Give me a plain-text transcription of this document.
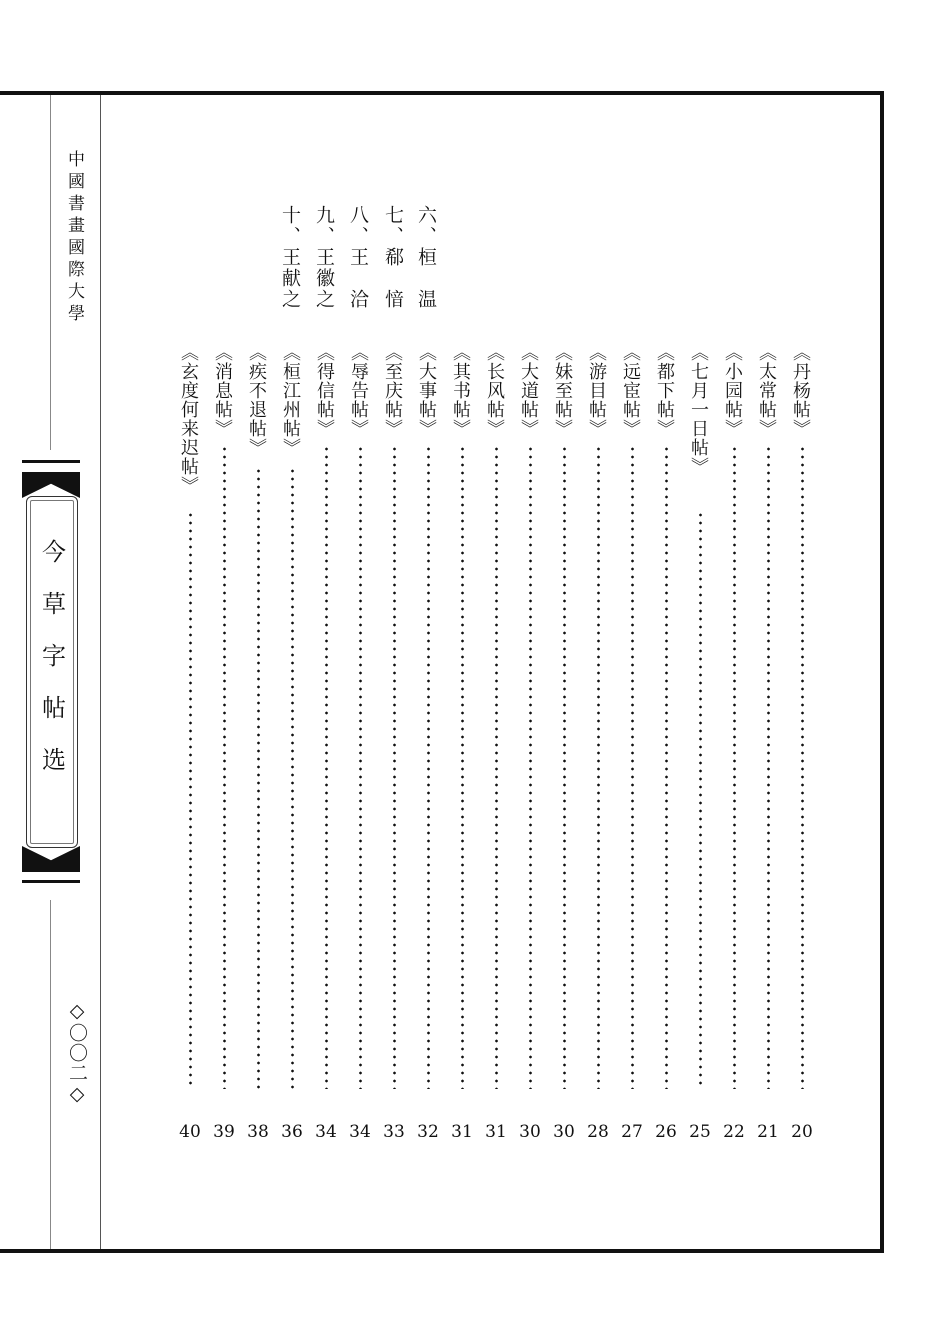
中國書畫國際大學
今草字帖选
◇〇〇二◇
六、桓　温
七、郗　愔
八、王　洽
九、王徽之
十、王献之
《丹杨帖》
《太常帖》
《小园帖》
《七月一日帖》
《都下帖》
《远宦帖》
《游目帖》
《妹至帖》
《大道帖》
《长风帖》
《其书帖》
《大事帖》
《至庆帖》
《辱告帖》
《得信帖》
《桓江州帖》
《疾不退帖》
《消息帖》
《玄度何来迟帖》
20
21
22
25
26
27
28
30
30
31
31
32
33
34
34
36
38
39
40
